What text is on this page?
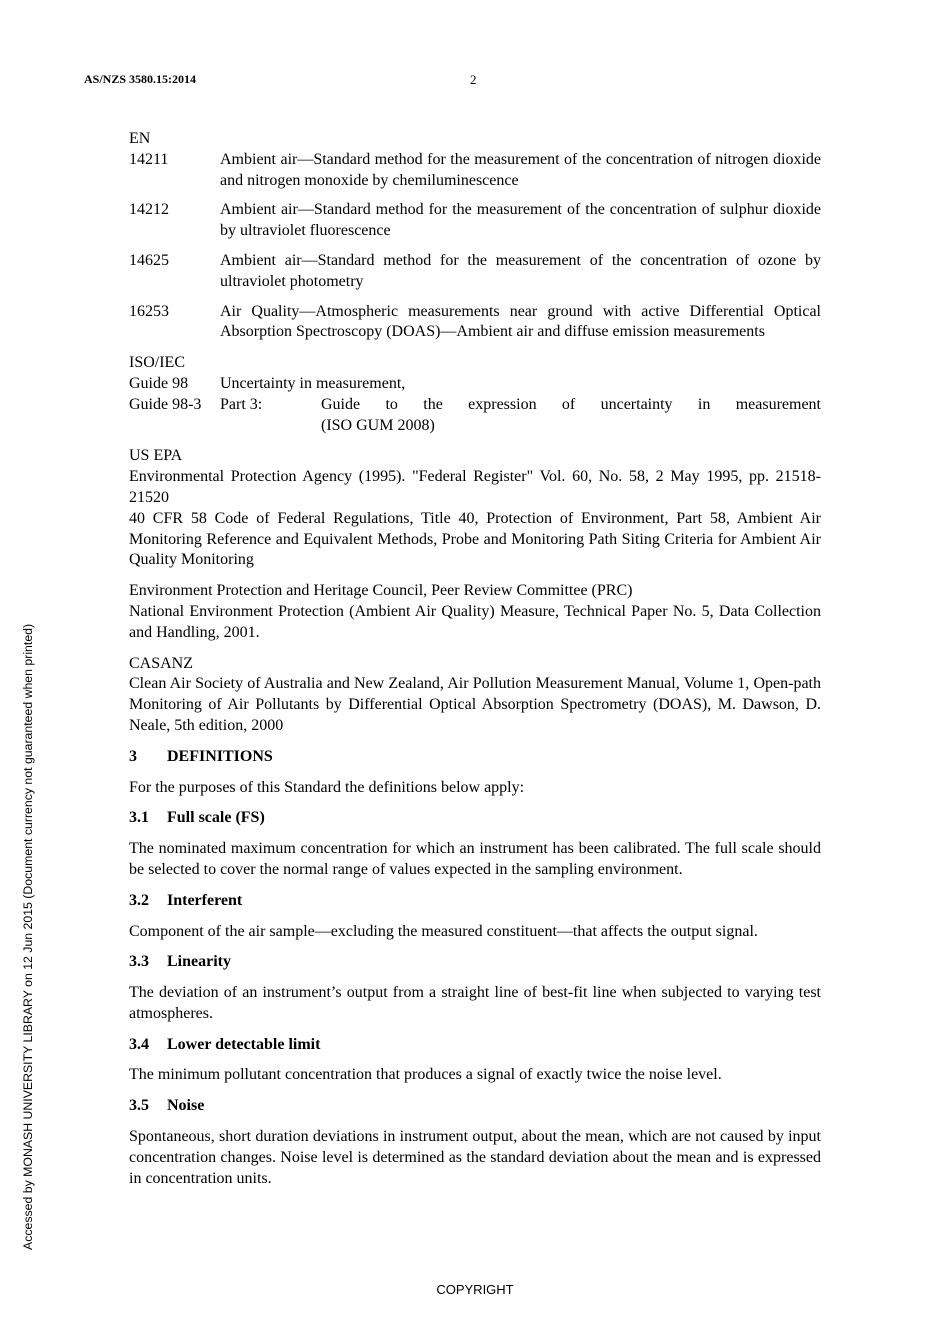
AS/NZS 3580.15:2014	2
Accessed by MONASH UNIVERSITY LIBRARY on 12 Jun 2015 (Document currency not guaranteed when printed)
EN
14211	Ambient air—Standard method for the measurement of the concentration of nitrogen dioxide and nitrogen monoxide by chemiluminescence
14212	Ambient air—Standard method for the measurement of the concentration of sulphur dioxide by ultraviolet fluorescence
14625	Ambient air—Standard method for the measurement of the concentration of ozone by ultraviolet photometry
16253	Air Quality—Atmospheric measurements near ground with active Differential Optical Absorption Spectroscopy (DOAS)—Ambient air and diffuse emission measurements
ISO/IEC
Guide 98	Uncertainty in measurement,
Guide 98-3	Part 3:	Guide to the expression of uncertainty in measurement
(ISO GUM 2008)
US EPA
Environmental Protection Agency (1995). "Federal Register" Vol. 60, No. 58, 2 May 1995, pp. 21518-21520
40 CFR 58 Code of Federal Regulations, Title 40, Protection of Environment, Part 58, Ambient Air Monitoring Reference and Equivalent Methods, Probe and Monitoring Path Siting Criteria for Ambient Air Quality Monitoring
Environment Protection and Heritage Council, Peer Review Committee (PRC)
National Environment Protection (Ambient Air Quality) Measure, Technical Paper No. 5, Data Collection and Handling, 2001.
CASANZ
Clean Air Society of Australia and New Zealand, Air Pollution Measurement Manual, Volume 1, Open-path Monitoring of Air Pollutants by Differential Optical Absorption Spectrometry (DOAS), M. Dawson, D. Neale, 5th edition, 2000
3 DEFINITIONS
For the purposes of this Standard the definitions below apply:
3.1 Full scale (FS)
The nominated maximum concentration for which an instrument has been calibrated. The full scale should be selected to cover the normal range of values expected in the sampling environment.
3.2 Interferent
Component of the air sample—excluding the measured constituent—that affects the output signal.
3.3 Linearity
The deviation of an instrument’s output from a straight line of best-fit line when subjected to varying test atmospheres.
3.4 Lower detectable limit
The minimum pollutant concentration that produces a signal of exactly twice the noise level.
3.5 Noise
Spontaneous, short duration deviations in instrument output, about the mean, which are not caused by input concentration changes. Noise level is determined as the standard deviation about the mean and is expressed in concentration units.
COPYRIGHT
